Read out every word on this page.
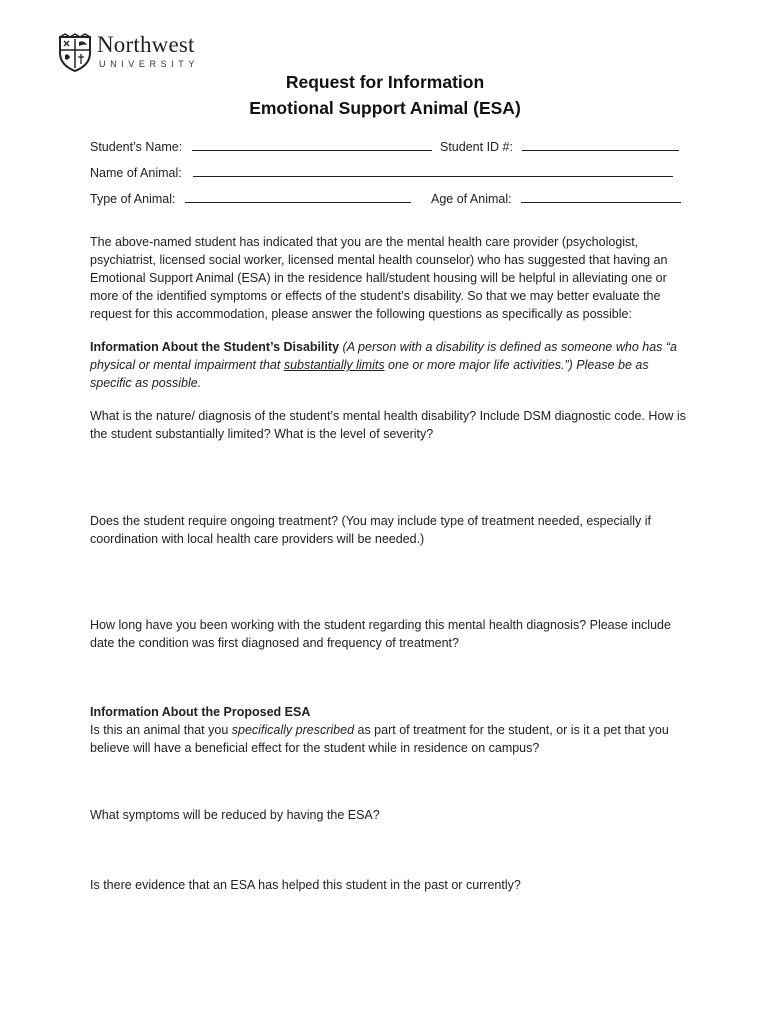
Northwest
UNIVERSITY
Request for Information
Emotional Support Animal (ESA)
Student’s Name:	Student ID #:
Name of Animal:
Type of Animal:	Age of Animal:
The above-named student has indicated that you are the mental health care provider (psychologist, psychiatrist, licensed social worker, licensed mental health counselor) who has suggested that having an Emotional Support Animal (ESA) in the residence hall/student housing will be helpful in alleviating one or more of the identified symptoms or effects of the student’s disability. So that we may better evaluate the request for this accommodation, please answer the following questions as specifically as possible:
Information About the Student’s Disability (A person with a disability is defined as someone who has “a physical or mental impairment that substantially limits one or more major life activities.”) Please be as specific as possible.
What is the nature/ diagnosis of the student’s mental health disability? Include DSM diagnostic code. How is the student substantially limited? What is the level of severity?
Does the student require ongoing treatment? (You may include type of treatment needed, especially if coordination with local health care providers will be needed.)
How long have you been working with the student regarding this mental health diagnosis? Please include date the condition was first diagnosed and frequency of treatment?
Information About the Proposed ESA
Is this an animal that you specifically prescribed as part of treatment for the student, or is it a pet that you believe will have a beneficial effect for the student while in residence on campus?
What symptoms will be reduced by having the ESA?
Is there evidence that an ESA has helped this student in the past or currently?
